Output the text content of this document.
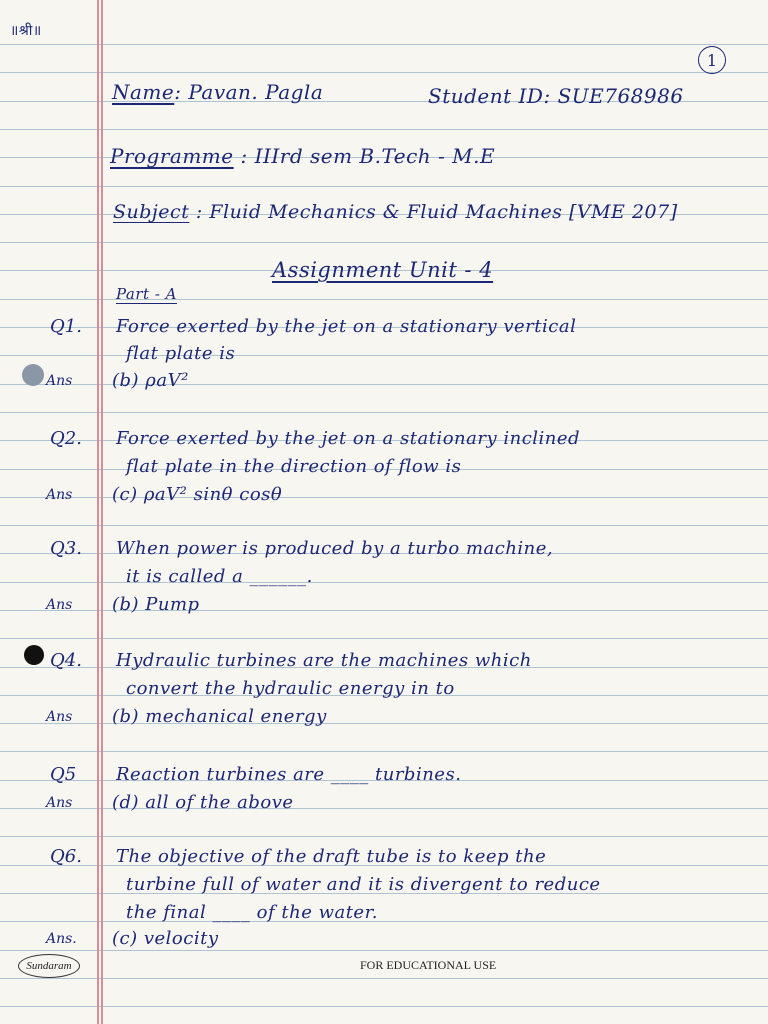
॥श्री॥
1
Name: Pavan. Pagla	Student ID: SUE768986
Programme : IIIrd sem B.Tech - M.E
Subject : Fluid Mechanics & Fluid Machines [VME 207]
Assignment Unit - 4
Part - A
Q1. Force exerted by the jet on a stationary vertical
flat plate is
Ans (b) ρaV²
Q2. Force exerted by the jet on a stationary inclined
flat plate in the direction of flow is
Ans (c) ρaV² sinθ cosθ
Q3. When power is produced by a turbo machine,
it is called a ______.
Ans (b) Pump
Q4. Hydraulic turbines are the machines which
convert the hydraulic energy in to
Ans (b) mechanical energy
Q5 Reaction turbines are ____ turbines.
Ans (d) all of the above
Q6. The objective of the draft tube is to keep the
turbine full of water and it is divergent to reduce
the final ____ of the water.
Ans. (c) velocity
Sundaram	FOR EDUCATIONAL USE
